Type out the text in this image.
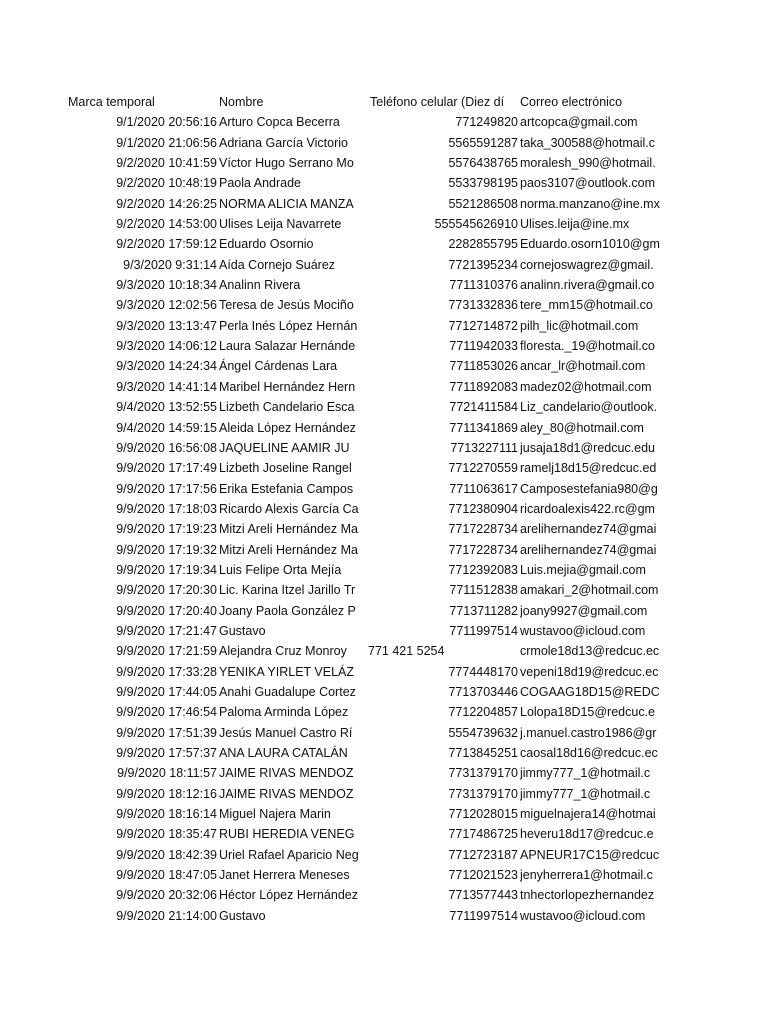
Marca temporal	Nombre	Teléfono celular (Diez dí	Correo electrónico
9/1/2020 20:56:16 Arturo Copca Becerra	771249820 artcopca@gmail.com
9/1/2020 21:06:56 Adriana García Victorio	5565591287 taka_300588@hotmail.c
9/2/2020 10:41:59 Víctor Hugo Serrano Mo	5576438765 moralesh_990@hotmail.
9/2/2020 10:48:19 Paola Andrade	5533798195 paos3107@outlook.com
9/2/2020 14:26:25 NORMA ALICIA MANZA	5521286508 norma.manzano@ine.mx
9/2/2020 14:53:00 Ulises Leija Navarrete	555545626910 Ulises.leija@ine.mx
9/2/2020 17:59:12 Eduardo Osornio	2282855795 Eduardo.osorn1010@gm
9/3/2020 9:31:14 Aída Cornejo Suárez	7721395234 cornejoswagrez@gmail.
9/3/2020 10:18:34 Analinn Rivera	7711310376 analinn.rivera@gmail.co
9/3/2020 12:02:56 Teresa de Jesús Mociño	7731332836 tere_mm15@hotmail.co
9/3/2020 13:13:47 Perla Inés López Hernán	7712714872 pilh_lic@hotmail.com
9/3/2020 14:06:12 Laura Salazar Hernánde	7711942033 floresta._19@hotmail.co
9/3/2020 14:24:34 Ángel Cárdenas Lara	7711853026 ancar_lr@hotmail.com
9/3/2020 14:41:14 Maribel Hernández Hern	7711892083 madez02@hotmail.com
9/4/2020 13:52:55 Lizbeth Candelario Esca	7721411584 Liz_candelario@outlook.
9/4/2020 14:59:15 Aleida López Hernández	7711341869 aley_80@hotmail.com
9/9/2020 16:56:08 JAQUELINE AAMIR JU	7713227111 jusaja18d1@redcuc.edu
9/9/2020 17:17:49 Lizbeth Joseline Rangel	7712270559 ramelj18d15@redcuc.ed
9/9/2020 17:17:56 Erika Estefania Campos	7711063617 Camposestefania980@g
9/9/2020 17:18:03 Ricardo Alexis García Ca	7712380904 ricardoalexis422.rc@gm
9/9/2020 17:19:23 Mitzi Areli Hernández Ma	7717228734 arelihernandez74@gmai
9/9/2020 17:19:32 Mitzi Areli Hernández Ma	7717228734 arelihernandez74@gmai
9/9/2020 17:19:34 Luis Felipe Orta Mejía	7712392083 Luis.mejia@gmail.com
9/9/2020 17:20:30 Lic. Karina Itzel Jarillo Tr	7711512838 amakari_2@hotmail.com
9/9/2020 17:20:40 Joany Paola González P	7713711282 joany9927@gmail.com
9/9/2020 17:21:47 Gustavo	7711997514 wustavoo@icloud.com
9/9/2020 17:21:59 Alejandra Cruz Monroy	771 421 5254	crmole18d13@redcuc.ec
9/9/2020 17:33:28 YENIKA YIRLET VELÁZ	7774448170 vepeni18d19@redcuc.ec
9/9/2020 17:44:05 Anahi Guadalupe Cortez	7713703446 COGAAG18D15@REDC
9/9/2020 17:46:54 Paloma Arminda López	7712204857 Lolopa18D15@redcuc.e
9/9/2020 17:51:39 Jesús Manuel Castro Rí	5554739632 j.manuel.castro1986@gr
9/9/2020 17:57:37 ANA LAURA CATALÁN	7713845251 caosal18d16@redcuc.ec
9/9/2020 18:11:57 JAIME RIVAS MENDOZ	7731379170 jimmy777_1@hotmail.c
9/9/2020 18:12:16 JAIME RIVAS MENDOZ	7731379170 jimmy777_1@hotmail.c
9/9/2020 18:16:14 Miguel Najera Marin	7712028015 miguelnajera14@hotmai
9/9/2020 18:35:47 RUBI HEREDIA VENEG	7717486725 heveru18d17@redcuc.e
9/9/2020 18:42:39 Uriel Rafael Aparicio Neg	7712723187 APNEUR17C15@redcuc
9/9/2020 18:47:05 Janet Herrera Meneses	7712021523 jenyherrera1@hotmail.c
9/9/2020 20:32:06 Héctor López Hernández	7713577443 tnhectorlopezhernandez
9/9/2020 21:14:00 Gustavo	7711997514 wustavoo@icloud.com
